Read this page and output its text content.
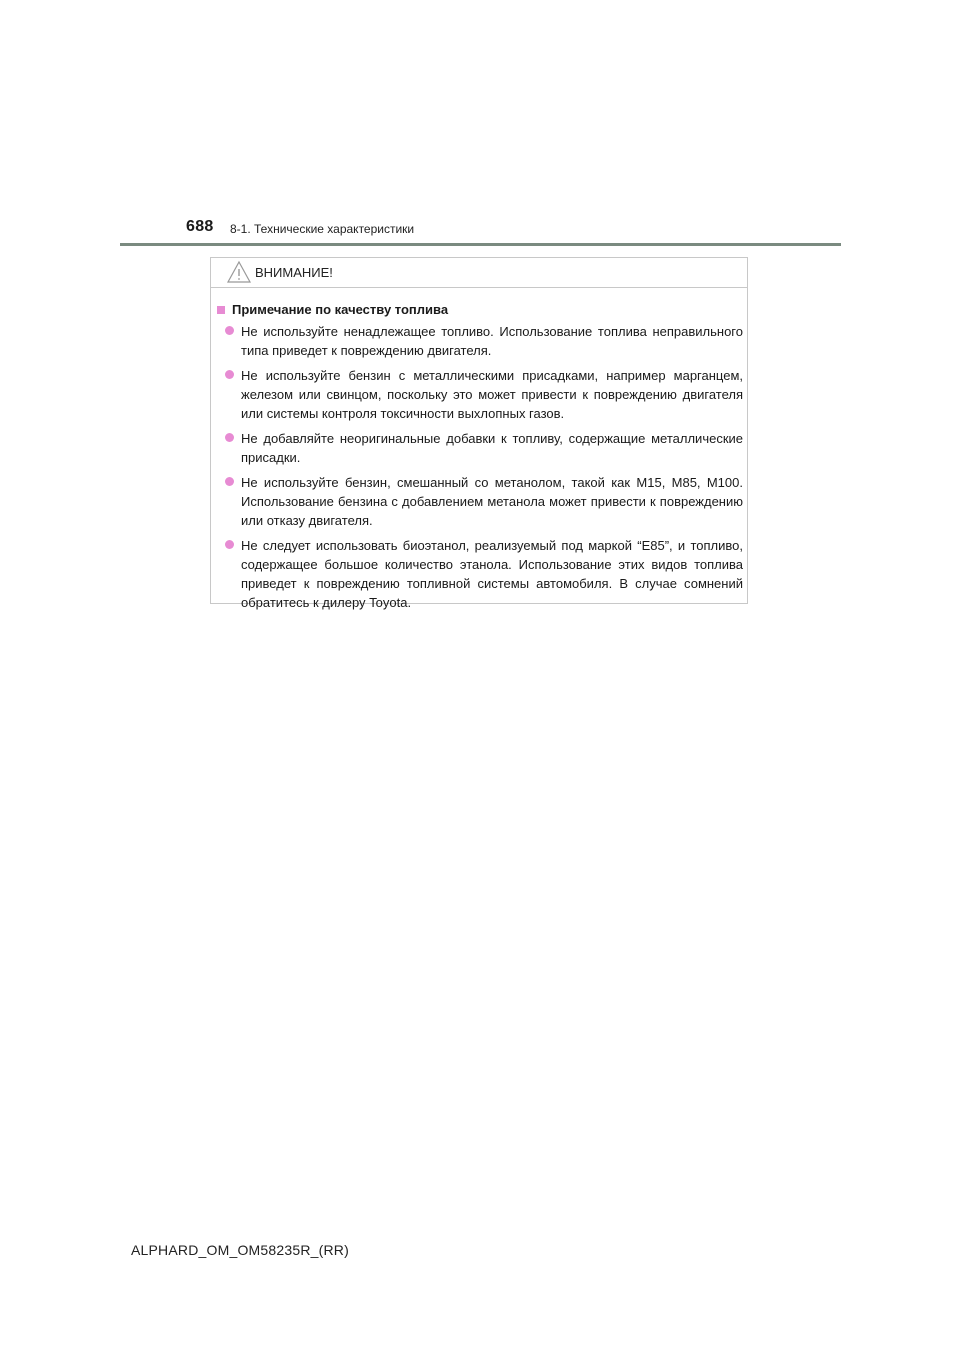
688 8-1. Технические характеристики
ВНИМАНИЕ!
Примечание по качеству топлива
Не используйте ненадлежащее топливо. Использование топлива неправильного типа приведет к повреждению двигателя.
Не используйте бензин с металлическими присадками, например марганцем, железом или свинцом, поскольку это может привести к повреждению двигателя или системы контроля токсичности выхлопных газов.
Не добавляйте неоригинальные добавки к топливу, содержащие металлические присадки.
Не используйте бензин, смешанный со метанолом, такой как M15, M85, M100. Использование бензина с добавлением метанола может привести к повреждению или отказу двигателя.
Не следует использовать биоэтанол, реализуемый под маркой “E85”, и топливо, содержащее большое количество этанола. Использование этих видов топлива приведет к повреждению топливной системы автомобиля. В случае сомнений обратитесь к дилеру Toyota.
ALPHARD_OM_OM58235R_(RR)
